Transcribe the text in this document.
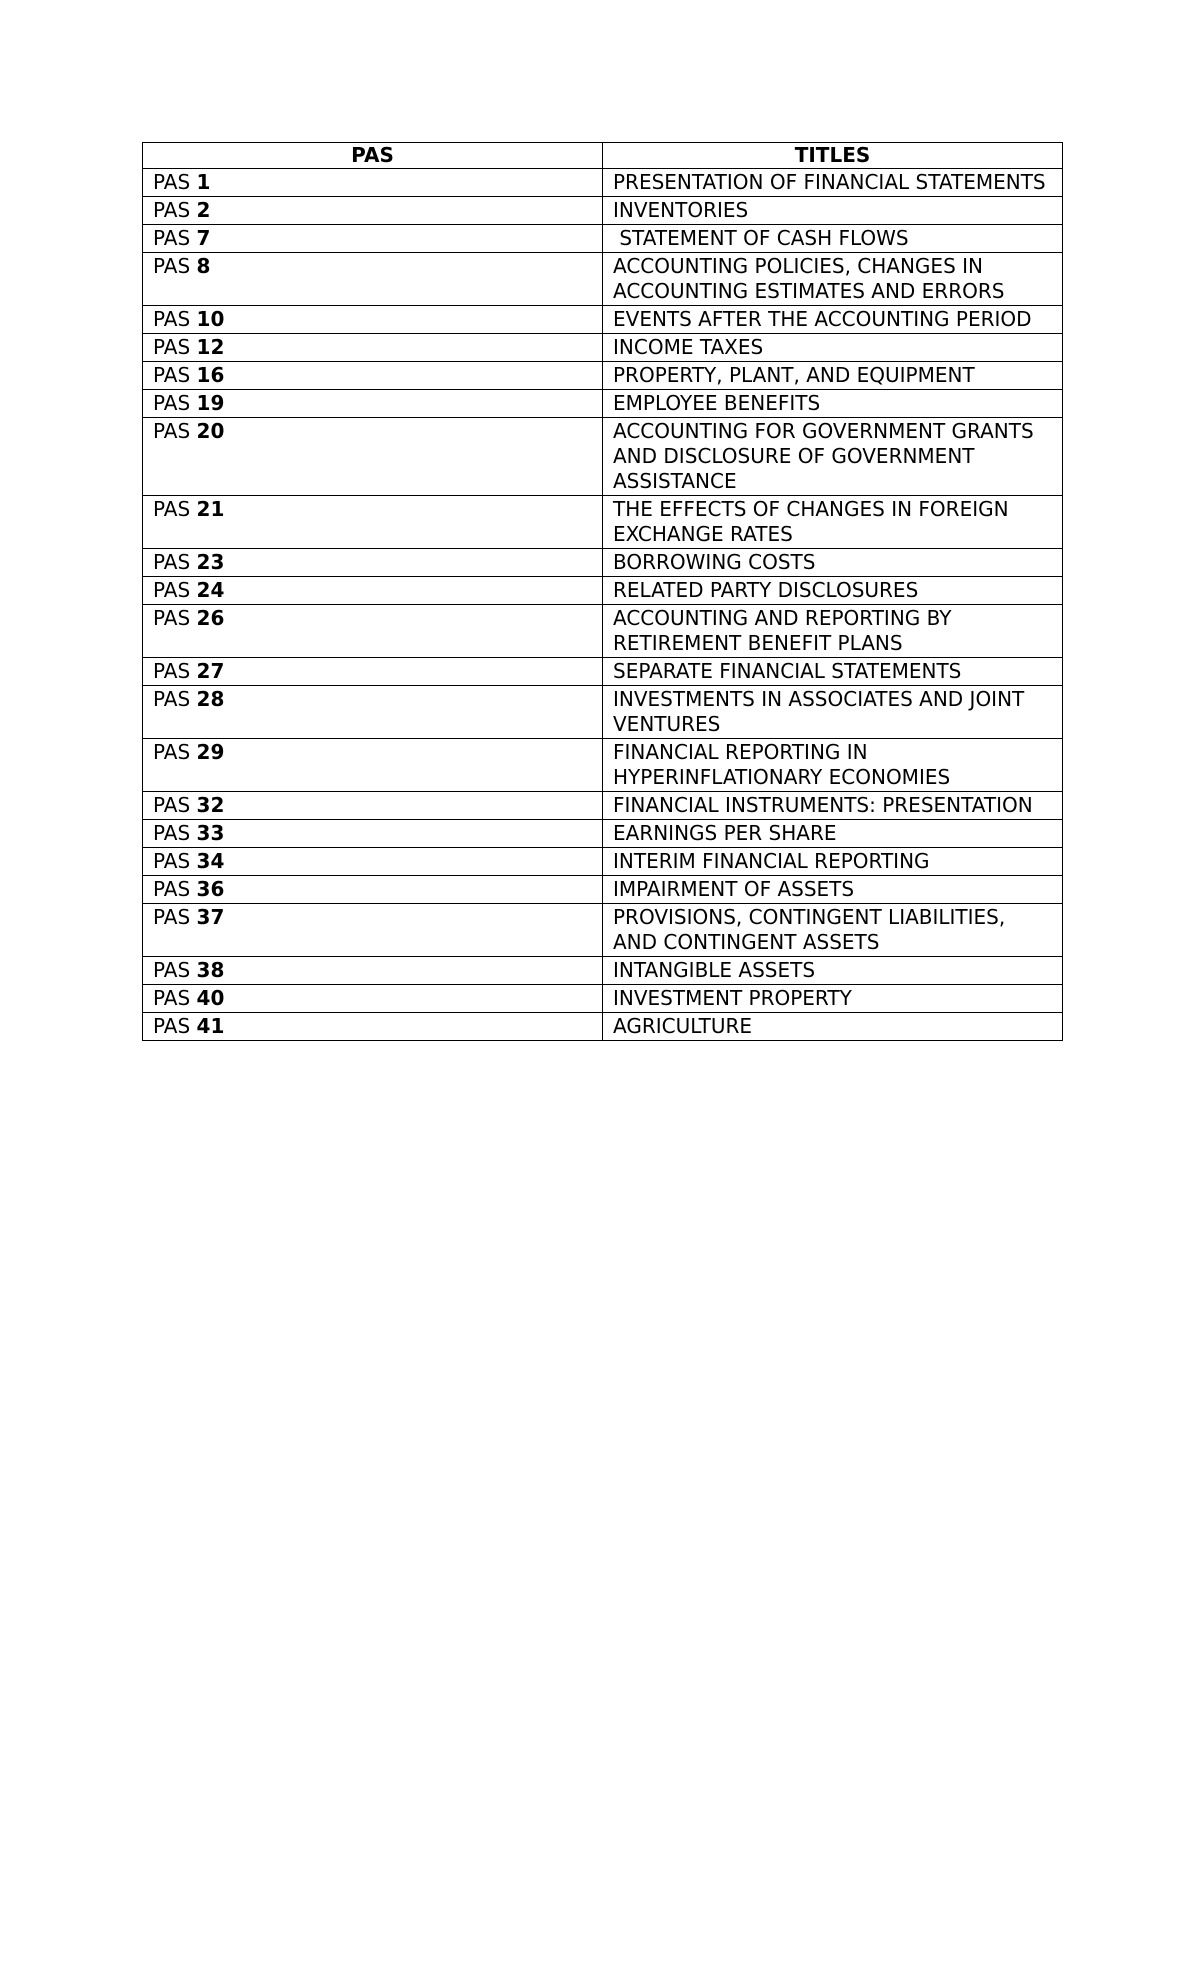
PAS	TITLES
PAS 1	PRESENTATION OF FINANCIAL STATEMENTS
PAS 2	INVENTORIES
PAS 7	STATEMENT OF CASH FLOWS
PAS 8	ACCOUNTING POLICIES, CHANGES IN ACCOUNTING ESTIMATES AND ERRORS
PAS 10	EVENTS AFTER THE ACCOUNTING PERIOD
PAS 12	INCOME TAXES
PAS 16	PROPERTY, PLANT, AND EQUIPMENT
PAS 19	EMPLOYEE BENEFITS
PAS 20	ACCOUNTING FOR GOVERNMENT GRANTS AND DISCLOSURE OF GOVERNMENT ASSISTANCE
PAS 21	THE EFFECTS OF CHANGES IN FOREIGN EXCHANGE RATES
PAS 23	BORROWING COSTS
PAS 24	RELATED PARTY DISCLOSURES
PAS 26	ACCOUNTING AND REPORTING BY RETIREMENT BENEFIT PLANS
PAS 27	SEPARATE FINANCIAL STATEMENTS
PAS 28	INVESTMENTS IN ASSOCIATES AND JOINT VENTURES
PAS 29	FINANCIAL REPORTING IN HYPERINFLATIONARY ECONOMIES
PAS 32	FINANCIAL INSTRUMENTS: PRESENTATION
PAS 33	EARNINGS PER SHARE
PAS 34	INTERIM FINANCIAL REPORTING
PAS 36	IMPAIRMENT OF ASSETS
PAS 37	PROVISIONS, CONTINGENT LIABILITIES, AND CONTINGENT ASSETS
PAS 38	INTANGIBLE ASSETS
PAS 40	INVESTMENT PROPERTY
PAS 41	AGRICULTURE
